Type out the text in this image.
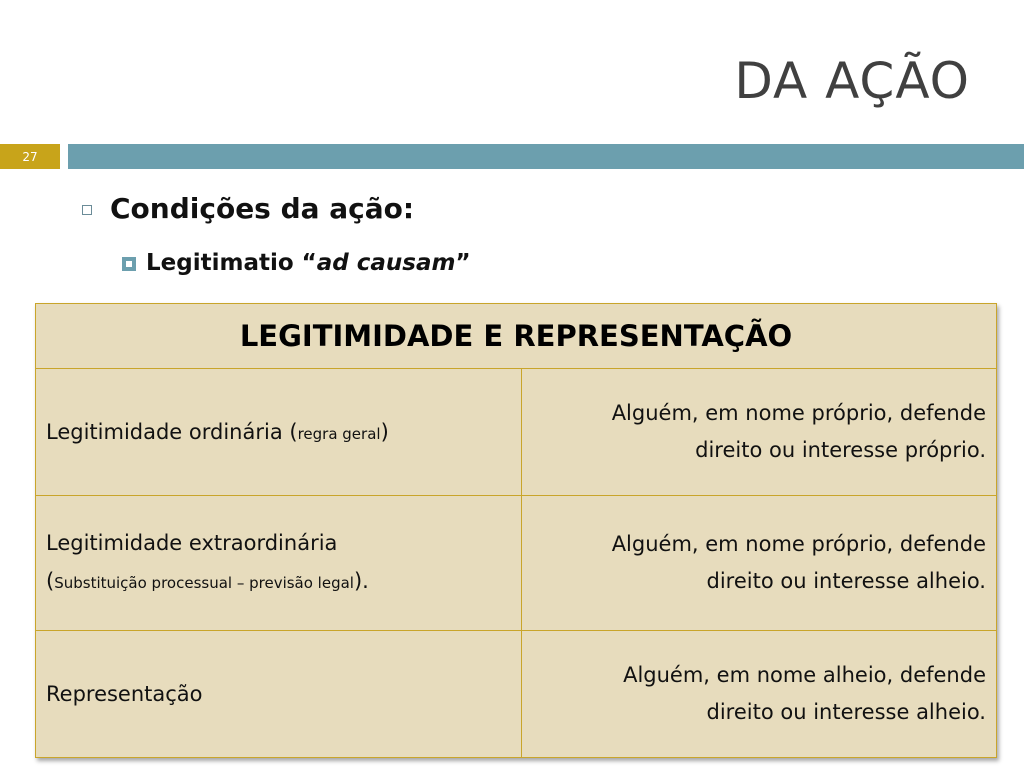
DA AÇÃO
27
Condições da ação:
Legitimatio “ad causam”
LEGITIMIDADE E REPRESENTAÇÃO	
Legitimidade ordinária (regra geral)	Alguém, em nome próprio, defende
direito ou interesse próprio.
Legitimidade extraordinária
(Substituição processual – previsão legal).	Alguém, em nome próprio, defende
direito ou interesse alheio.
Representação	Alguém, em nome alheio, defende
direito ou interesse alheio.
